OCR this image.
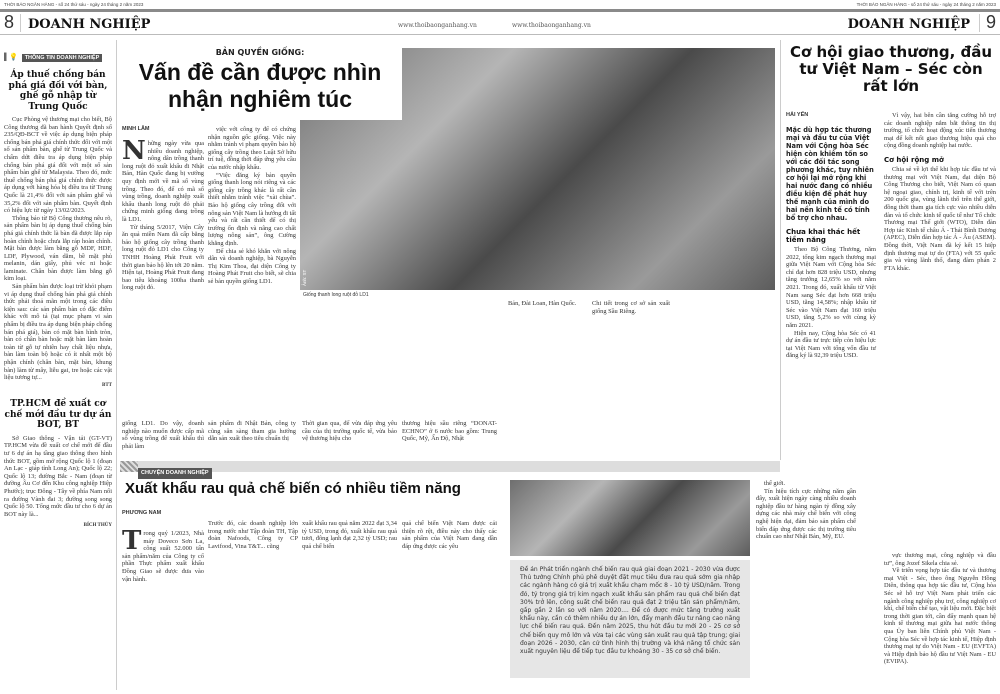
THỜI BÁO NGÂN HÀNG - số 24 thứ sáu - ngày 24 tháng 2 năm 2023	THỜI BÁO NGÂN HÀNG - số 24 thứ sáu - ngày 24 tháng 2 năm 2023
8 DOANH NGHIỆP	www.thoibaonganhang.vn	www.thoibaonganhang.vn	DOANH NGHIỆP 9
▌💡 THÔNG TIN DOANH NGHIỆP
Áp thuế chống bán phá giá đối với bàn, ghế gỗ nhập từ Trung Quốc

Cục Phòng vệ thương mại cho biết, Bộ Công thương đã ban hành Quyết định số 235/QĐ-BCT về việc áp dụng biện pháp chống bán phá giá chính thức đối với một số sản phẩm bàn, ghế từ Trung Quốc và chấm dứt điều tra áp dụng biện pháp chống bán phá giá đối với một số sản phẩm bàn ghế từ Malaysia. Theo đó, mức thuế chống bán phá giá chính thức được áp dụng với hàng hóa bị điều tra từ Trung Quốc là 21,4% đối với sản phẩm ghế và 35,2% đối với sản phẩm bàn. Quyết định có hiệu lực từ ngày 13/02/2023.

Thông báo từ Bộ Công thương nêu rõ, sản phẩm bàn bị áp dụng thuế chống bán phá giá chính thức là bàn đã được lắp ráp hoàn chỉnh hoặc chưa lắp ráp hoàn chỉnh. Mặt bàn được làm bằng gỗ MDF, HDF, LDF, Plywood, ván dăm, bề mặt phủ melanin, dán giấy, phủ véc ni hoặc laminate. Chân bàn được làm bằng gỗ kim loại.

Sản phẩm bàn được loại trừ khỏi phạm vi áp dụng thuế chống bán phá giá chính thức phải thoả mãn một trong các điều kiện sau: các sản phẩm bàn có đặc điểm khác với mô tả (tại mục phạm vi sản phẩm bị điều tra áp dụng biện pháp chống bán phá giá), bàn có mặt bàn hình tròn, bàn có chân bàn hoặc mặt bàn làm hoàn toàn từ gỗ tự nhiên hay chất liệu nhựa, bàn làm toàn bộ hoặc có ít nhất một bộ phận chính (chân bàn, mặt bàn, khung bàn) làm từ mây, liễu gai, tre hoặc các vật liệu tương tự...

BTT
TP.HCM đề xuất cơ chế mới đầu tư dự án BOT, BT

Sở Giao thông - Vận tải (GT-VT) TP.HCM vừa đề xuất cơ chế mới để đầu tư 6 dự án hạ tầng giao thông theo hình thức BOT, gồm mở rộng Quốc lộ 1 (đoạn An Lạc - giáp tỉnh Long An); Quốc lộ 22; Quốc lộ 13; đường Bắc - Nam (đoạn từ đường Âu Cơ đến Khu công nghiệp Hiệp Phước); trục Đông - Tây về phía Nam nối ra đường Vành đai 3; đường song song Quốc lộ 50. Tổng mức đầu tư cho 6 dự án BOT này là...

BÍCH THỦY
Ảnh: ST
BẢN QUYỀN GIỐNG:
Vấn đề cần được nhìn nhận nghiêm túc
Giống thanh long ruột đỏ LD1
MINH LÂM
Những ngày vừa qua nhiều doanh nghiệp, nông dân trồng thanh long ruột đỏ xuất khẩu đi Nhật Bản, Hàn Quốc đang bị vướng quy định mới về mã số vùng trồng. Theo đó, để có mã số vùng trồng, doanh nghiệp xuất khẩu thanh long ruột đỏ phải chứng minh giống đang trồng là LD1.

Từ tháng 5/2017, Viện Cây ăn quả miền Nam đã cấp bằng bảo hộ giống cây trồng thanh long ruột đỏ LD1 cho Công ty TNHH Hoàng Phát Fruit với thời gian bảo hộ lên tới 20 năm. Hiện tại, Hoàng Phát Fruit đang bao tiêu khoảng 100ha thanh long ruột đỏ.

việc với công ty để có chứng nhận nguồn gốc giống. Việc này nhằm tránh vi phạm quyền bảo hộ giống cây trồng theo Luật Sở hữu trí tuệ, đồng thời đáp ứng yêu cầu của nước nhập khẩu.

“Việc đăng ký bản quyền giống thanh long nói riêng và các giống cây trồng khác là rất cần thiết nhằm tránh việc “xài chùa”. Bảo hộ giống cây trồng đối với nông sản Việt Nam là hướng đi tất yếu và rất cần thiết để có thị trường ổn định và nâng cao chất lượng nông sản”, ông Cường khẳng định.

Để chia sẻ khó khăn với nông dân và doanh nghiệp, bà Nguyễn Thị Kim Thoa, đại diện Công ty Hoàng Phát Fruit cho biết, sẽ chia sẻ bản quyền giống LD1.

giống LD1. Do vậy, doanh nghiệp nào muốn được cấp mã số vùng trồng để xuất khẩu thì phải làm
sản phẩm đi Nhật Bản, công ty cũng sẵn sàng tham gia hướng dẫn sản xuất theo tiêu chuẩn thị
Thời gian qua, để vừa đáp ứng yêu cầu của thị trường quốc tế, vừa bảo vệ thương hiệu cho
thương hiệu sầu riêng “DONAT-ECHNO” ở 6 nước bao gồm: Trung Quốc, Mỹ, Ấn Độ, Nhật
Bản, Đài Loan, Hàn Quốc.	Chi tiết trong cơ sở sản xuất giống Sầu Riêng.
CHUYỆN DOANH NGHIỆP
Xuất khẩu rau quả chế biến có nhiều tiềm năng
PHƯƠNG NAM
Trong quý 1/2023, Nhà máy Dovecо Sơn La, công suất 52.000 tấn sản phẩm/năm của Công ty cổ phần Thực phẩm xuất khẩu Đồng Giao sẽ được đưa vào vận hành.
Trước đó, các doanh nghiệp lớn trong nước như Tập đoàn TH, Tập đoàn Nafoods, Công ty CP Lavifood, Vina T&T... cũng
xuất khẩu rau quả năm 2022 đạt 3,34 tỷ USD, trong đó, xuất khẩu rau quả tươi, đông lạnh đạt 2,32 tỷ USD; rau quả chế biến
quả chế biến Việt Nam được cải thiện rõ rệt, điều này cho thấy các sản phẩm của Việt Nam đang dần đáp ứng được các yêu
Đề án Phát triển ngành chế biến rau quả giai đoạn 2021 - 2030 vừa được Thủ tướng Chính phủ phê duyệt đặt mục tiêu đưa rau quả sớm gia nhập các ngành hàng có giá trị xuất khẩu chạm mốc 8 - 10 tỷ USD/năm. Trong đó, tỷ trọng giá trị kim ngạch xuất khẩu sản phẩm rau quả chế biến đạt 30% trở lên, công suất chế biến rau quả đạt 2 triệu tấn sản phẩm/năm, gấp gần 2 lần so với năm 2020.... Để có được mức tăng trưởng xuất khẩu này, cần có thêm nhiều dự án lớn, đẩy mạnh đầu tư nâng cao năng lực chế biến rau quả. Đến năm 2025, thu hút đầu tư mới 20 - 25 cơ sở chế biến quy mô lớn và vừa tại các vùng sản xuất rau quả tập trung; giai đoạn 2026 - 2030, căn cứ tình hình thị trường và khả năng tổ chức sản xuất nguyên liệu để tiếp tục đầu tư khoảng 30 - 35 cơ sở chế biến.

thế giới.

Tín hiệu tích cực những năm gần đây, xuất hiện ngày càng nhiều doanh nghiệp đầu tư hàng ngàn tỷ đồng xây dựng các nhà máy chế biến với công nghệ hiện đại, đảm bảo sản phẩm chế biến đáp ứng được các thị trường tiêu chuẩn cao như Nhật Bản, Mỹ, EU.

Cơ hội giao thương, đầu tư Việt Nam – Séc còn rất lớn
HẢI YẾN
Mặc dù hợp tác thương mại và đầu tư của Việt Nam với Cộng hòa Séc hiện còn khiêm tốn so với các đối tác song phương khác, tuy nhiên cơ hội lại mở rộng khi hai nước đang có nhiều điều kiện để phát huy thế mạnh của mình do hai nền kinh tế có tính bổ trợ cho nhau.
Chưa khai thác hết tiềm năng

Theo Bộ Công Thương, năm 2022, tổng kim ngạch thương mại giữa Việt Nam với Cộng hòa Séc chỉ đạt hơn 828 triệu USD, nhưng tăng trưởng 12,65% so với năm 2021. Trong đó, xuất khẩu từ Việt Nam sang Séc đạt hơn 668 triệu USD, tăng 14,58%; nhập khẩu từ Séc vào Việt Nam đạt 160 triệu USD, tăng 5,2% so với cùng kỳ năm 2021.

Hiện nay, Cộng hòa Séc có 41 dự án đầu tư trực tiếp còn hiệu lực tại Việt Nam với tổng vốn đầu tư đăng ký là 92,39 triệu USD.

Vì vậy, hai bên cần tăng cường hỗ trợ các doanh nghiệp nắm bắt thông tin thị trường, tổ chức hoạt động xúc tiến thương mại để kết nối giao thương hiệu quả cho cộng đồng doanh nghiệp hai nước.

Cơ hội rộng mở

Chia sẻ về lợi thế khi hợp tác đầu tư và thương mại với Việt Nam, đại diện Bộ Công Thương cho biết, Việt Nam có quan hệ ngoại giao, chính trị, kinh tế với trên 200 quốc gia, vùng lãnh thổ trên thế giới, đồng thời tham gia tích cực vào nhiều diễn đàn và tổ chức kinh tế quốc tế như Tổ chức Thương mại Thế giới (WTO), Diễn đàn Hợp tác Kinh tế châu Á - Thái Bình Dương (APEC), Diễn đàn hợp tác Á - Âu (ASEM). Đồng thời, Việt Nam đã ký kết 15 hiệp định thương mại tự do (FTA) với 55 quốc gia và vùng lãnh thổ, đang đàm phán 2 FTA khác.

vực thương mại, công nghiệp và đầu tư”, ông Jozef Sikela chia sẻ.

Về triển vọng hợp tác đầu tư và thương mại Việt - Séc, theo ông Nguyễn Hồng Diên, thông qua hợp tác đầu tư, Cộng hòa Séc sẽ hỗ trợ Việt Nam phát triển các ngành công nghiệp phụ trợ, công nghiệp cơ khí, chế biến chế tạo, vật liệu mới. Đặc biệt trong thời gian tới, cần đẩy mạnh quan hệ kinh tế thương mại giữa hai nước thông qua Ủy ban liên Chính phủ Việt Nam - Cộng hòa Séc về hợp tác kinh tế, Hiệp định thương mại tự do Việt Nam - EU (EVFTA) và Hiệp định bảo hộ đầu tư Việt Nam - EU (EVIPA).
